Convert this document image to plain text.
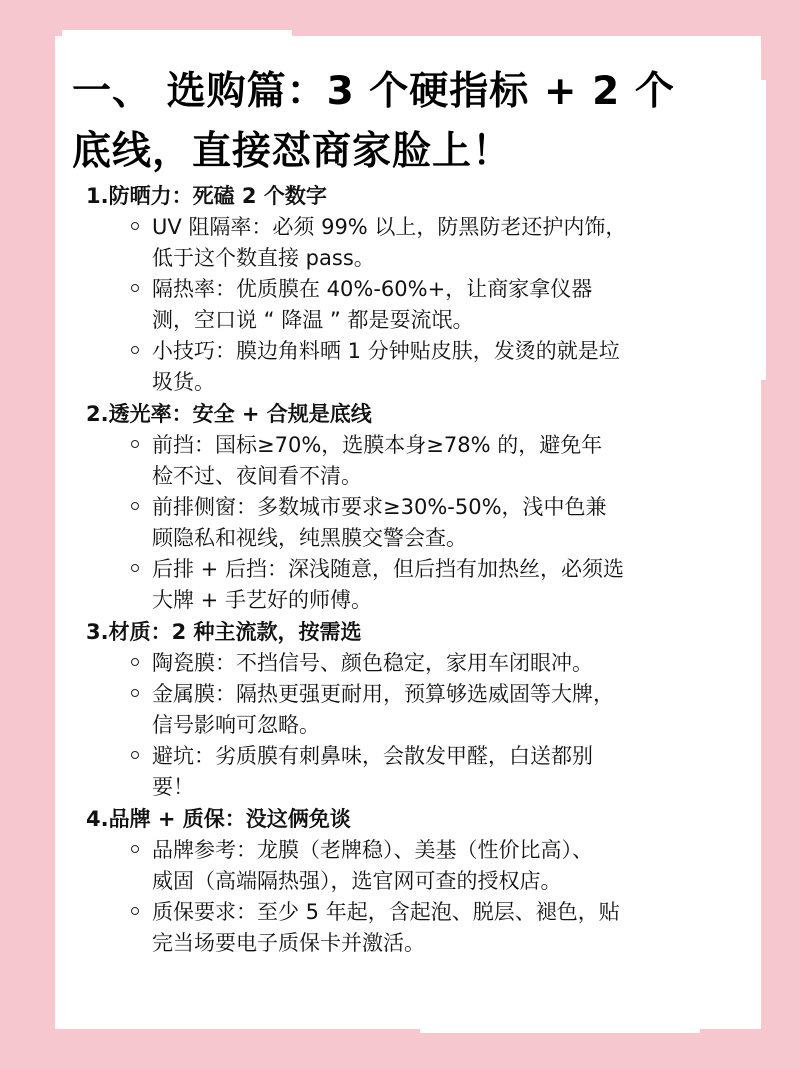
一、 选购篇：3 个硬指标 + 2 个
底线，直接怼商家脸上！
1.防晒力：死磕 2 个数字
UV 阻隔率：必须 99% 以上，防黑防老还护内饰，
低于这个数直接 pass。
隔热率：优质膜在 40%-60%+，让商家拿仪器
测，空口说 “ 降温 ” 都是耍流氓。
小技巧：膜边角料晒 1 分钟贴皮肤，发烫的就是垃
圾货。
2.透光率：安全 + 合规是底线
前挡：国标≥70%，选膜本身≥78% 的，避免年
检不过、夜间看不清。
前排侧窗：多数城市要求≥30%-50%，浅中色兼
顾隐私和视线，纯黑膜交警会查。
后排 + 后挡：深浅随意，但后挡有加热丝，必须选
大牌 + 手艺好的师傅。
3.材质：2 种主流款，按需选
陶瓷膜：不挡信号、颜色稳定，家用车闭眼冲。
金属膜：隔热更强更耐用，预算够选威固等大牌，
信号影响可忽略。
避坑：劣质膜有刺鼻味，会散发甲醛，白送都别
要！
4.品牌 + 质保：没这俩免谈
品牌参考：龙膜（老牌稳）、美基（性价比高）、
威固（高端隔热强），选官网可查的授权店。
质保要求：至少 5 年起，含起泡、脱层、褪色，贴
完当场要电子质保卡并激活。
